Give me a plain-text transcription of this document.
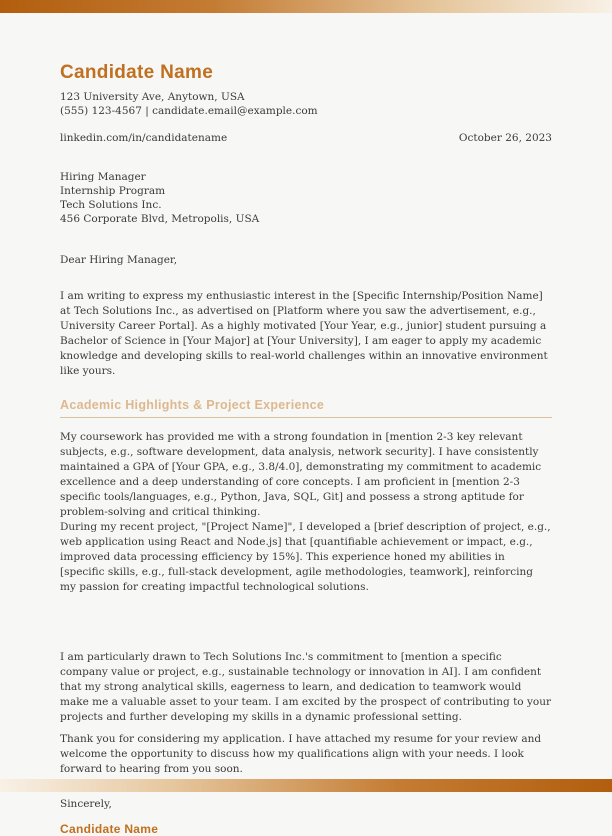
Candidate Name
123 University Ave, Anytown, USA
(555) 123-4567 | candidate.email@example.com
linkedin.com/in/candidatename	October 26, 2023
Hiring Manager
Internship Program
Tech Solutions Inc.
456 Corporate Blvd, Metropolis, USA
Dear Hiring Manager,

I am writing to express my enthusiastic interest in the [Specific Internship/Position Name] at Tech Solutions Inc., as advertised on [Platform where you saw the advertisement, e.g., University Career Portal]. As a highly motivated [Your Year, e.g., junior] student pursuing a Bachelor of Science in [Your Major] at [Your University], I am eager to apply my academic knowledge and developing skills to real-world challenges within an innovative environment like yours.

Academic Highlights & Project Experience

My coursework has provided me with a strong foundation in [mention 2-3 key relevant subjects, e.g., software development, data analysis, network security]. I have consistently maintained a GPA of [Your GPA, e.g., 3.8/4.0], demonstrating my commitment to academic excellence and a deep understanding of core concepts. I am proficient in [mention 2-3 specific tools/languages, e.g., Python, Java, SQL, Git] and possess a strong aptitude for problem-solving and critical thinking.

During my recent project, "[Project Name]", I developed a [brief description of project, e.g., web application using React and Node.js] that [quantifiable achievement or impact, e.g., improved data processing efficiency by 15%]. This experience honed my abilities in [specific skills, e.g., full-stack development, agile methodologies, teamwork], reinforcing my passion for creating impactful technological solutions.

I am particularly drawn to Tech Solutions Inc.'s commitment to [mention a specific company value or project, e.g., sustainable technology or innovation in AI]. I am confident that my strong analytical skills, eagerness to learn, and dedication to teamwork would make me a valuable asset to your team. I am excited by the prospect of contributing to your projects and further developing my skills in a dynamic professional setting.

Thank you for considering my application. I have attached my resume for your review and welcome the opportunity to discuss how my qualifications align with your needs. I look forward to hearing from you soon.

Sincerely,
Candidate Name
